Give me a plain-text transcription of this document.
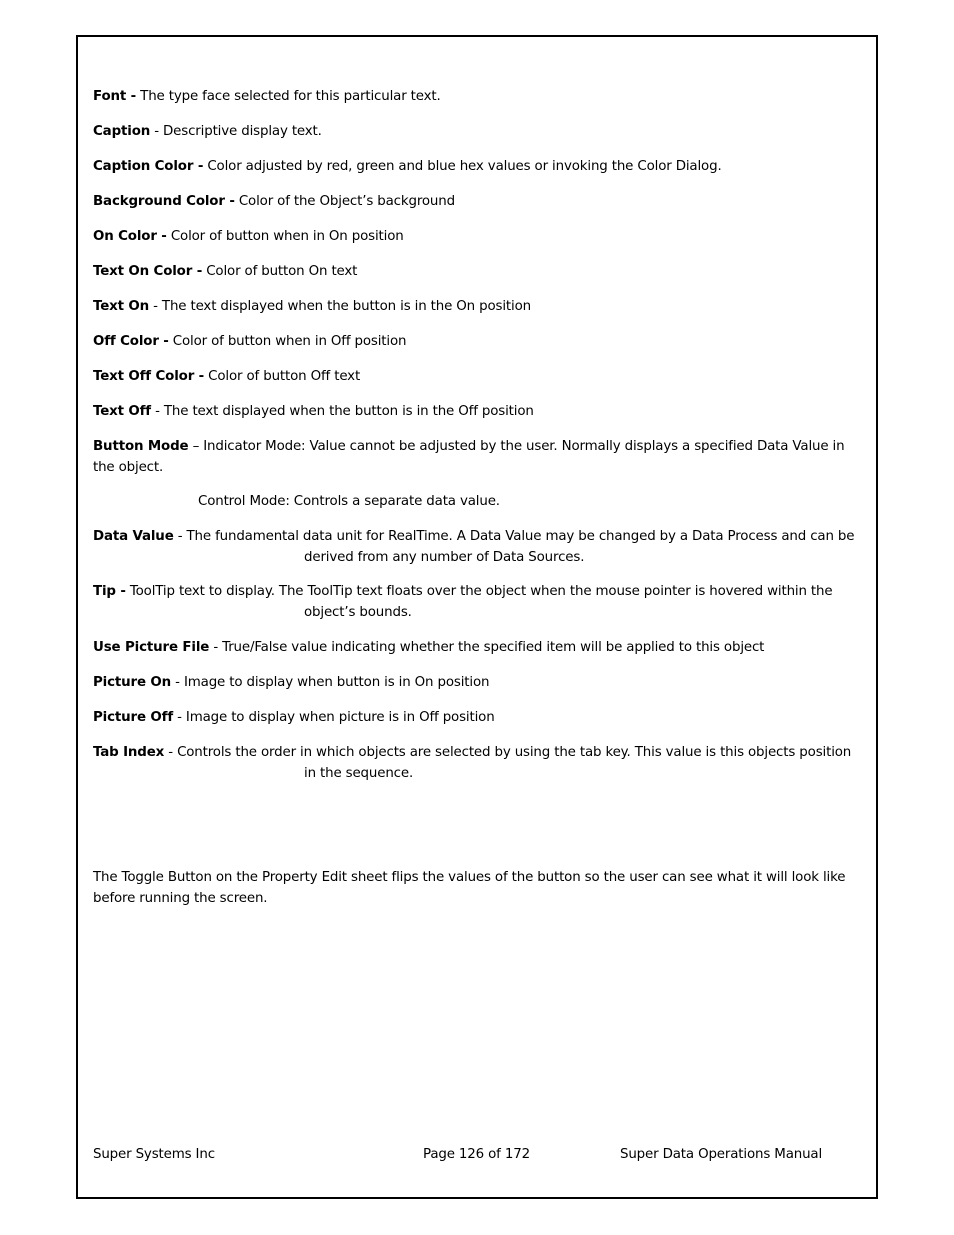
Font - The type face selected for this particular text.
Caption - Descriptive display text.
Caption Color - Color adjusted by red, green and blue hex values or invoking the Color Dialog.
Background Color - Color of the Object’s background
On Color - Color of button when in On position
Text On Color - Color of button On text
Text On - The text displayed when the button is in the On position
Off Color - Color of button when in Off position
Text Off Color - Color of button Off text
Text Off - The text displayed when the button is in the Off position
Button Mode – Indicator Mode: Value cannot be adjusted by the user. Normally displays a specified Data Value in the object.
Control Mode: Controls a separate data value.
Data Value - The fundamental data unit for RealTime. A Data Value may be changed by a Data Process and can be
derived from any number of Data Sources.
Tip - ToolTip text to display. The ToolTip text floats over the object when the mouse pointer is hovered within the
object’s bounds.
Use Picture File - True/False value indicating whether the specified item will be applied to this object
Picture On - Image to display when button is in On position
Picture Off - Image to display when picture is in Off position
Tab Index - Controls the order in which objects are selected by using the tab key. This value is this objects position
in the sequence.
The Toggle Button on the Property Edit sheet flips the values of the button so the user can see what it will look like before running the screen.
Super Systems Inc	Page 126 of 172	Super Data Operations Manual
